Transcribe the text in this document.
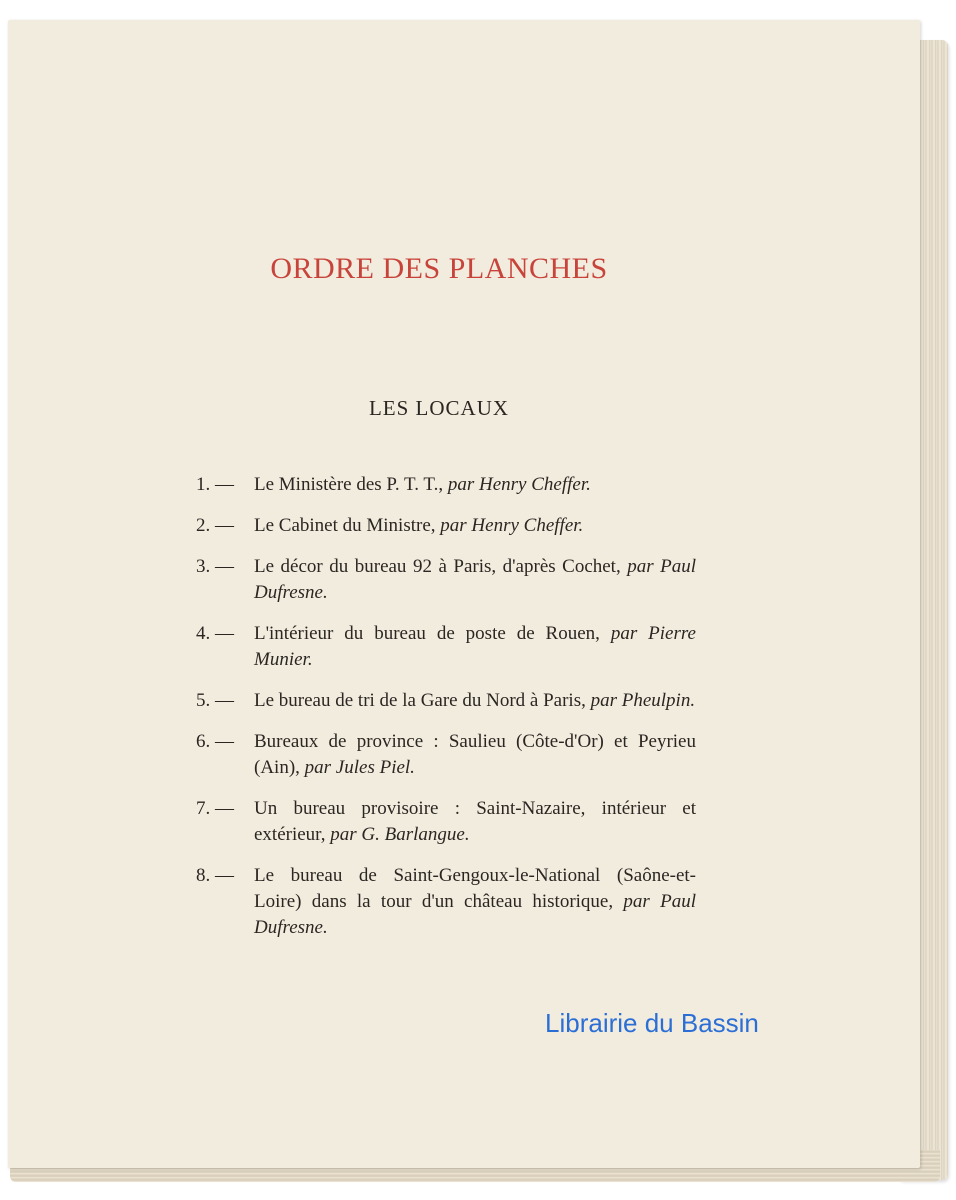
ORDRE DES PLANCHES
LES LOCAUX
1. —	Le Ministère des P. T. T., par Henry Cheffer.
2. —	Le Cabinet du Ministre, par Henry Cheffer.
3. —	Le décor du bureau 92 à Paris, d'après Cochet, par Paul Dufresne.
4. —	L'intérieur du bureau de poste de Rouen, par Pierre Munier.
5. —	Le bureau de tri de la Gare du Nord à Paris, par Pheulpin.
6. —	Bureaux de province : Saulieu (Côte-d'Or) et Peyrieu (Ain), par Jules Piel.
7. —	Un bureau provisoire : Saint-Nazaire, intérieur et extérieur, par G. Barlangue.
8. —	Le bureau de Saint-Gengoux-le-National (Saône-et-Loire) dans la tour d'un château historique, par Paul Dufresne.
Librairie du Bassin
